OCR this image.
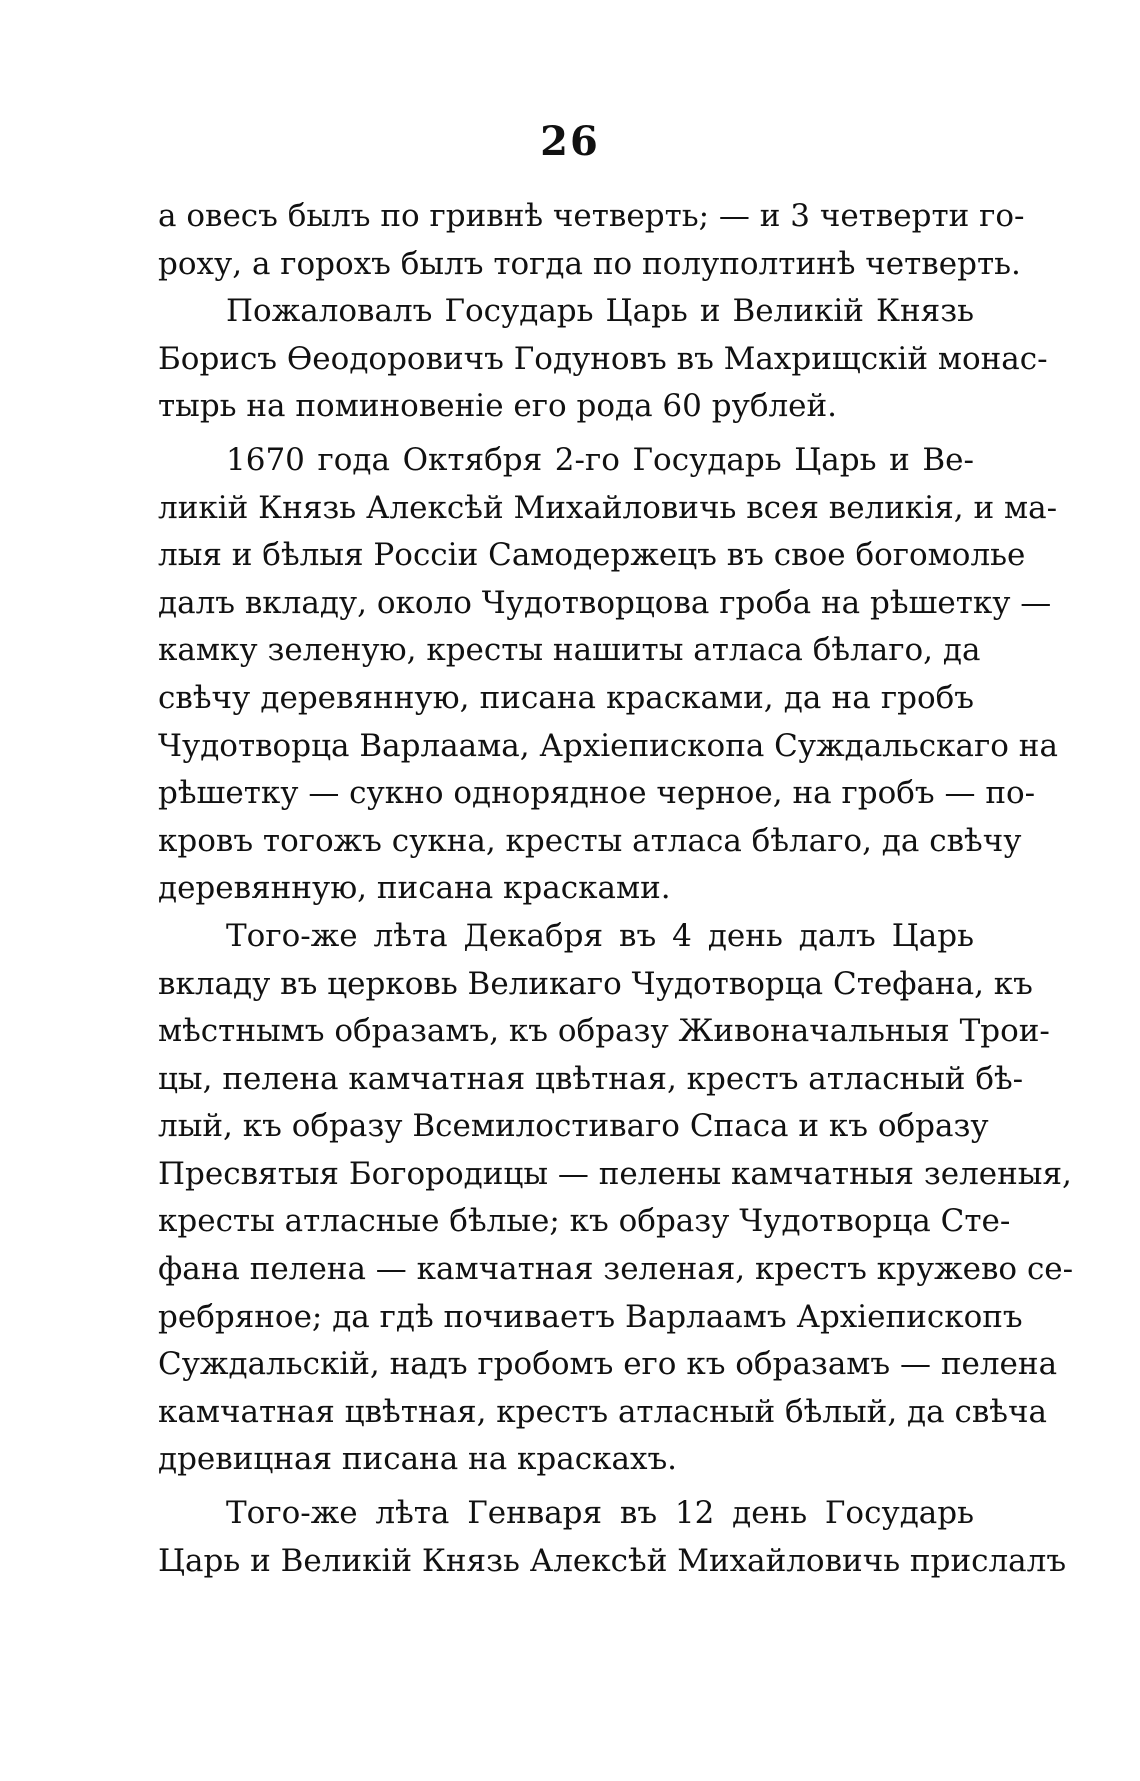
26
а овесъ былъ по гривнѣ четверть; — и 3 четверти го-
роху, а горохъ былъ тогда по полуполтинѣ четверть.
Пожаловалъ Государь Царь и Великій Князь
Борисъ Ѳеодоровичъ Годуновъ въ Махрищскій монас-
тырь на поминовеніе его рода 60 рублей.
1670 года Октября 2-го Государь Царь и Ве-
ликій Князь Алексѣй Михайловичь всея великія, и ма-
лыя и бѣлыя Россіи Самодержецъ въ свое богомолье
далъ вкладу, около Чудотворцова гроба на рѣшетку —
камку зеленую, кресты нашиты атласа бѣлаго, да
свѣчу деревянную, писана красками, да на гробъ
Чудотворца Варлаама, Архіепископа Суждальскаго на
рѣшетку — сукно одноряднoе черное, на гробъ — по-
кровъ тогожъ сукна, кресты атласа бѣлаго, да свѣчу
деревянную, писана красками.
Того-же лѣта Декабря въ 4 день далъ Царь
вкладу въ церковь Великаго Чудотворца Стефана, къ
мѣстнымъ образамъ, къ образу Живоначальныя Трои-
цы, пелена камчатная цвѣтная, крестъ атласный бѣ-
лый, къ образу Всемилостиваго Спаса и къ образу
Пресвятыя Богородицы — пелены камчатныя зеленыя,
кресты атласные бѣлые; къ образу Чудотворца Сте-
фана пелена — камчатная зеленая, крестъ кружево се-
ребряное; да гдѣ почиваетъ Варлаамъ Архіепископъ
Суждальскій, надъ гробомъ его къ образамъ — пелена
камчатная цвѣтная, крестъ атласный бѣлый, да свѣча
древицная писана на краскахъ.
Того-же лѣта Генваря въ 12 день Государь
Царь и Великій Князь Алексѣй Михайловичь прислалъ
